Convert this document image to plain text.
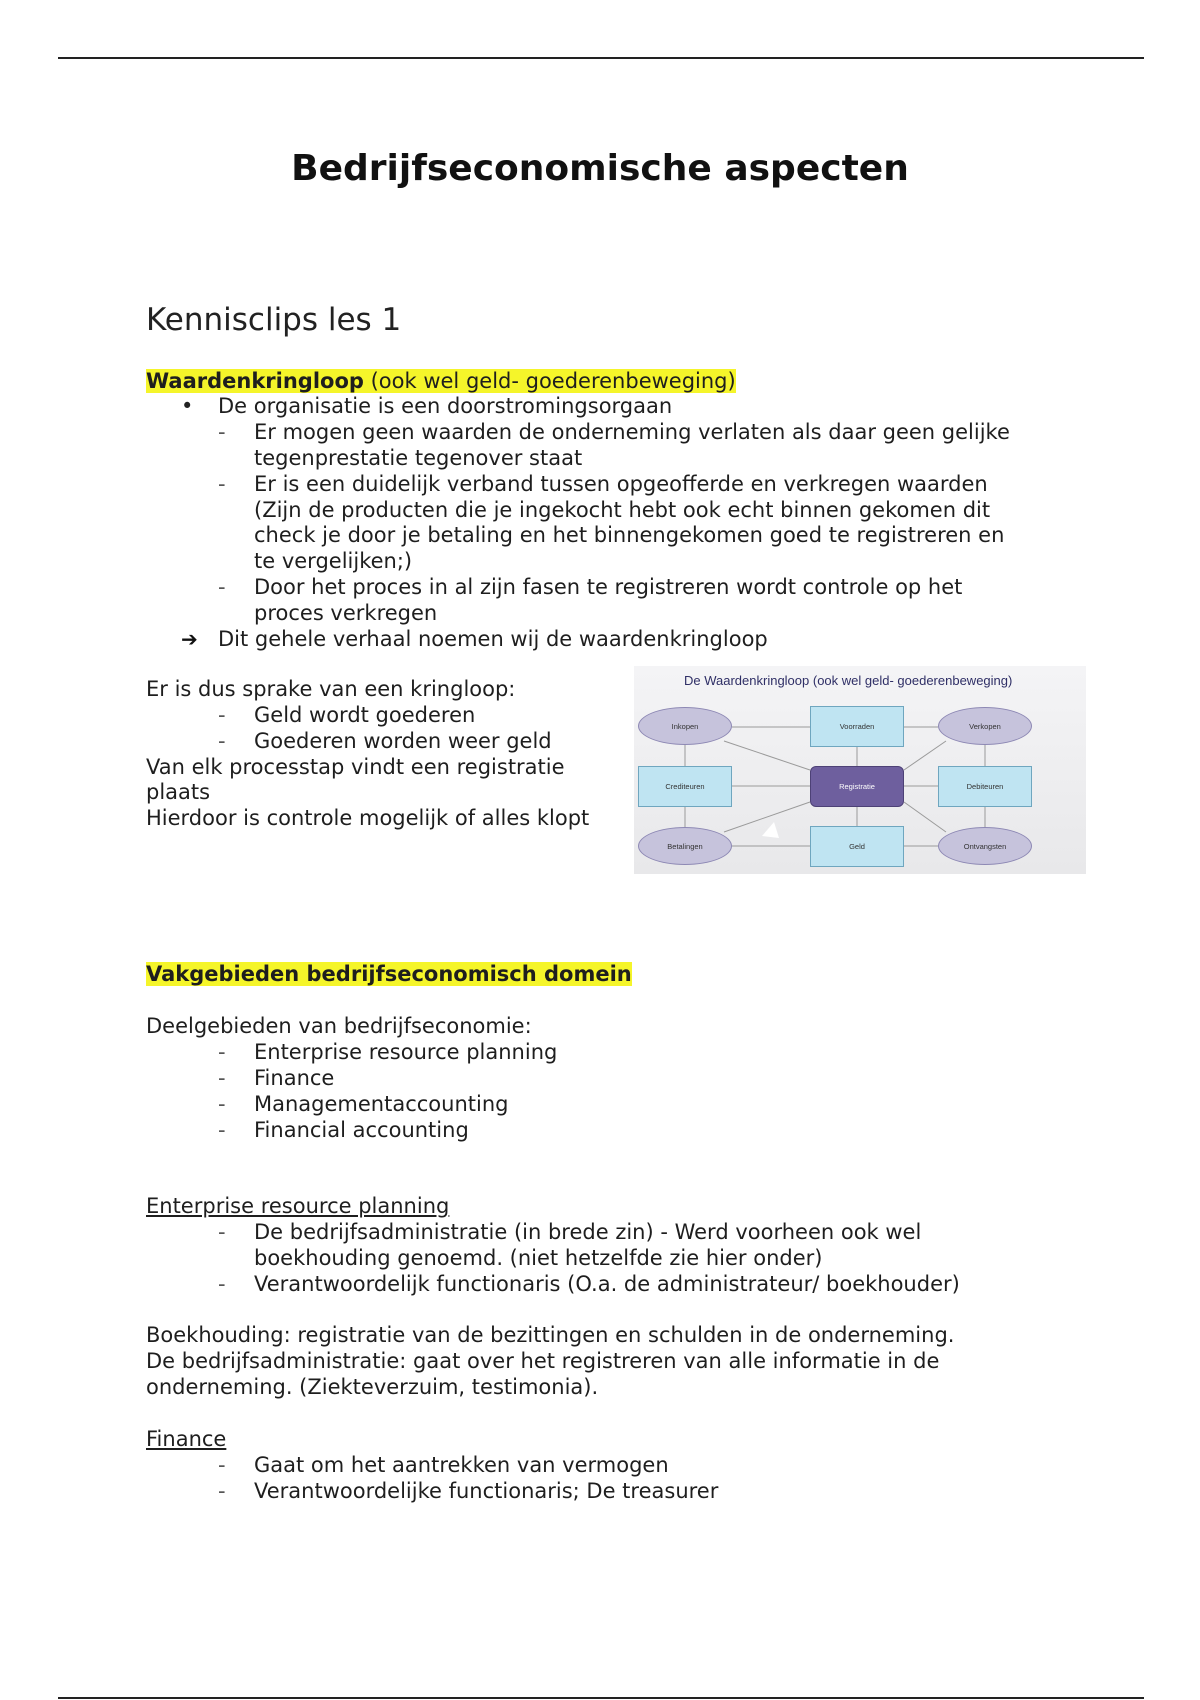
Bedrijfseconomische aspecten
Kennisclips les 1
Waardenkringloop (ook wel geld- goederenbeweging)
• De organisatie is een doorstromingsorgaan
- Er mogen geen waarden de onderneming verlaten als daar geen gelijke
tegenprestatie tegenover staat
- Er is een duidelijk verband tussen opgeofferde en verkregen waarden
(Zijn de producten die je ingekocht hebt ook echt binnen gekomen dit
check je door je betaling en het binnengekomen goed te registreren en
te vergelijken;)
- Door het proces in al zijn fasen te registreren wordt controle op het
proces verkregen
➔ Dit gehele verhaal noemen wij de waardenkringloop
Er is dus sprake van een kringloop:
- Geld wordt goederen
- Goederen worden weer geld
Van elk processtap vindt een registratie
plaats
Hierdoor is controle mogelijk of alles klopt
De Waardenkringloop (ook wel geld- goederenbeweging)
Inkopen	Voorraden	Verkopen
Crediteuren	Registratie	Debiteuren
Betalingen	Geld	Ontvangsten
Vakgebieden bedrijfseconomisch domein
Deelgebieden van bedrijfseconomie:
- Enterprise resource planning
- Finance
- Managementaccounting
- Financial accounting
Enterprise resource planning
- De bedrijfsadministratie (in brede zin) - Werd voorheen ook wel
boekhouding genoemd. (niet hetzelfde zie hier onder)
- Verantwoordelijk functionaris (O.a. de administrateur/ boekhouder)
Boekhouding: registratie van de bezittingen en schulden in de onderneming.
De bedrijfsadministratie: gaat over het registreren van alle informatie in de
onderneming. (Ziekteverzuim, testimonia).
Finance
- Gaat om het aantrekken van vermogen
- Verantwoordelijke functionaris; De treasurer
